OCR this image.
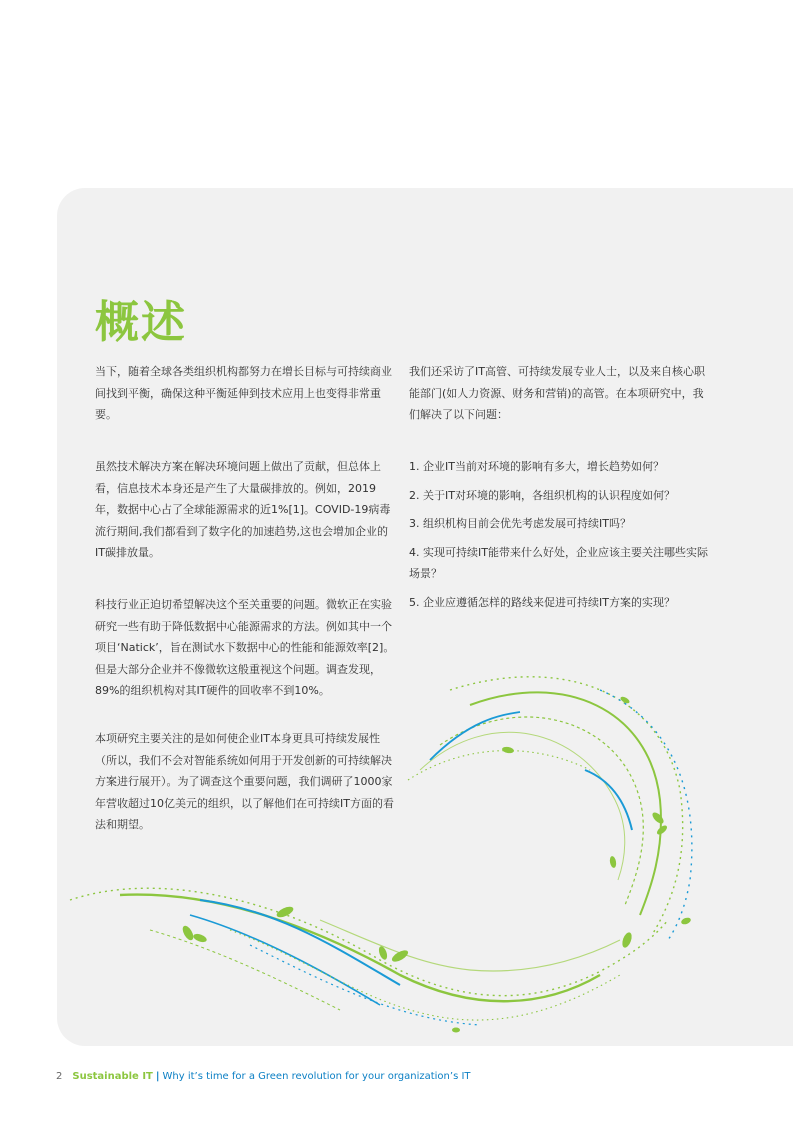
概述

当下，随着全球各类组织机构都努力在增长目标与可持续商业间找到平衡，确保这种平衡延伸到技术应用上也变得非常重要。

虽然技术解决方案在解决环境问题上做出了贡献，但总体上看，信息技术本身还是产生了大量碳排放的。例如，2019年，数据中心占了全球能源需求的近1%[1]。COVID-19病毒流行期间,我们都看到了数字化的加速趋势,这也会增加企业的IT碳排放量。

科技行业正迫切希望解决这个至关重要的问题。微软正在实验研究一些有助于降低数据中心能源需求的方法。例如其中一个项目‘Natick’，旨在测试水下数据中心的性能和能源效率[2]。但是大部分企业并不像微软这般重视这个问题。调查发现，89%的组织机构对其IT硬件的回收率不到10%。

本项研究主要关注的是如何使企业IT本身更具可持续发展性（所以，我们不会对智能系统如何用于开发创新的可持续解决方案进行展开）。为了调查这个重要问题，我们调研了1000家年营收超过10亿美元的组织，以了解他们在可持续IT方面的看法和期望。

我们还采访了IT高管、可持续发展专业人士，以及来自核心职能部门(如人力资源、财务和营销)的高管。在本项研究中，我们解决了以下问题：

1. 企业IT当前对环境的影响有多大，增长趋势如何？
2. 关于IT对环境的影响，各组织机构的认识程度如何？
3. 组织机构目前会优先考虑发展可持续IT吗？
4. 实现可持续IT能带来什么好处，企业应该主要关注哪些实际场景？
5. 企业应遵循怎样的路线来促进可持续IT方案的实现？
2 Sustainable IT | Why it’s time for a Green revolution for your organization’s IT
